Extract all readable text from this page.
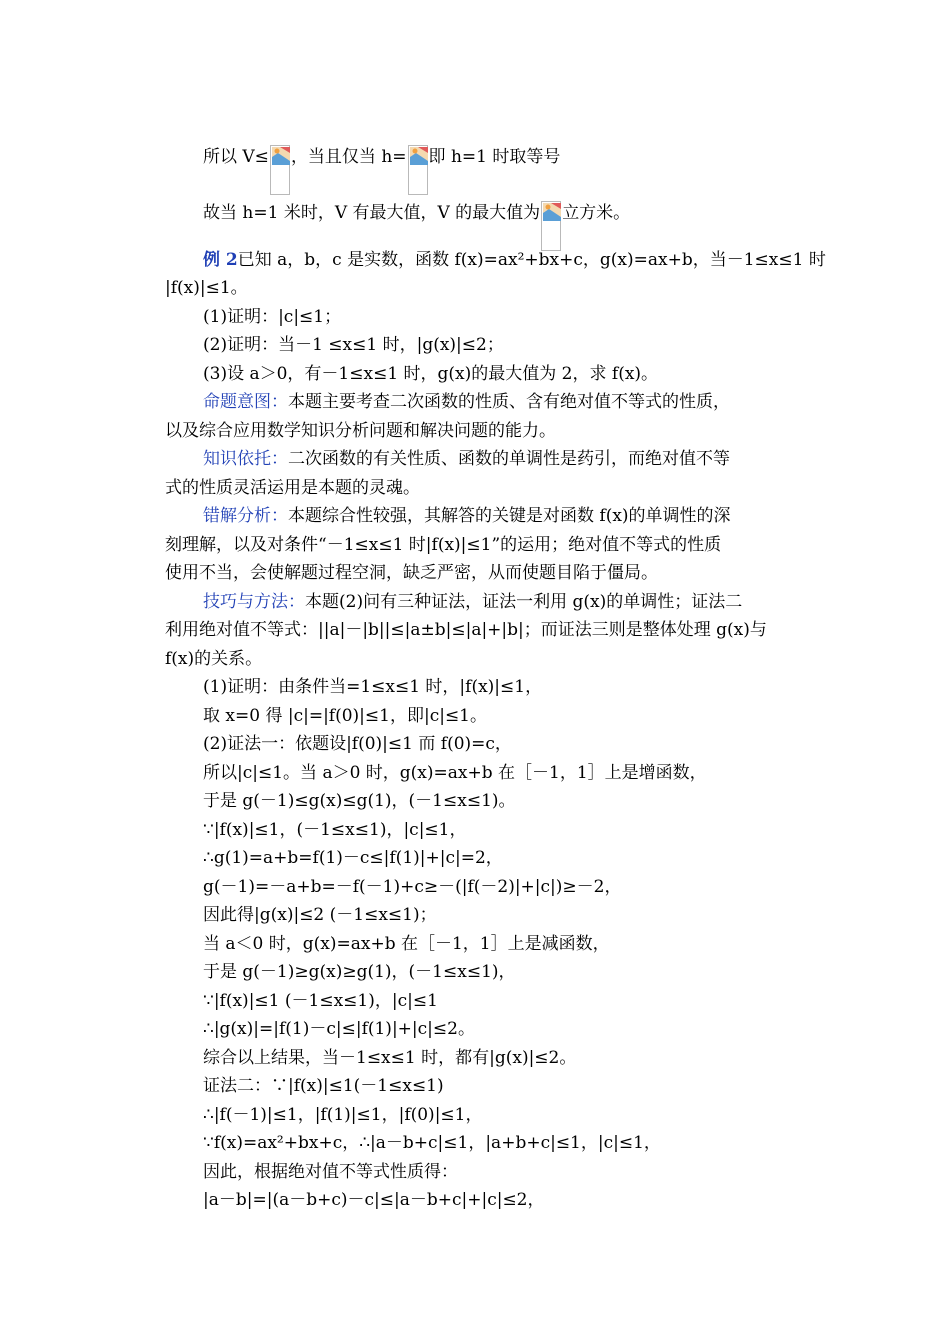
所以 V≤ ，当且仅当 h= 即 h=1 时取等号
故当 h=1 米时，V 有最大值，V 的最大值为 立方米。
例 2已知 a，b，c 是实数，函数 f(x)=ax²+bx+c，g(x)=ax+b，当－1≤x≤1 时
|f(x)|≤1。
(1)证明：|c|≤1；
(2)证明：当－1 ≤x≤1 时，|g(x)|≤2；
(3)设 a＞0，有－1≤x≤1 时，g(x)的最大值为 2，求 f(x)。
命题意图：本题主要考查二次函数的性质、含有绝对值不等式的性质，
以及综合应用数学知识分析问题和解决问题的能力。
知识依托：二次函数的有关性质、函数的单调性是药引，而绝对值不等
式的性质灵活运用是本题的灵魂。
错解分析：本题综合性较强，其解答的关键是对函数 f(x)的单调性的深
刻理解，以及对条件“－1≤x≤1 时|f(x)|≤1”的运用；绝对值不等式的性质
使用不当，会使解题过程空洞，缺乏严密，从而使题目陷于僵局。
技巧与方法：本题(2)问有三种证法，证法一利用 g(x)的单调性；证法二
利用绝对值不等式：||a|－|b||≤|a±b|≤|a|+|b|；而证法三则是整体处理 g(x)与
f(x)的关系。
(1)证明：由条件当=1≤x≤1 时，|f(x)|≤1，
取 x=0 得 |c|=|f(0)|≤1，即|c|≤1。
(2)证法一：依题设|f(0)|≤1 而 f(0)=c，
所以|c|≤1。当 a＞0 时，g(x)=ax+b 在［－1，1］上是增函数，
于是 g(－1)≤g(x)≤g(1)，(－1≤x≤1)。
∵|f(x)|≤1，(－1≤x≤1)，|c|≤1，
∴g(1)=a+b=f(1)－c≤|f(1)|+|c|=2，
g(－1)=－a+b=－f(－1)+c≥－(|f(－2)|+|c|)≥－2，
因此得|g(x)|≤2 (－1≤x≤1)；
当 a＜0 时，g(x)=ax+b 在［－1，1］上是减函数，
于是 g(－1)≥g(x)≥g(1)，(－1≤x≤1)，
∵|f(x)|≤1 (－1≤x≤1)，|c|≤1
∴|g(x)|=|f(1)－c|≤|f(1)|+|c|≤2。
综合以上结果，当－1≤x≤1 时，都有|g(x)|≤2。
证法二：∵|f(x)|≤1(－1≤x≤1)
∴|f(－1)|≤1，|f(1)|≤1，|f(0)|≤1，
∵f(x)=ax²+bx+c，∴|a－b+c|≤1，|a+b+c|≤1，|c|≤1，
因此，根据绝对值不等式性质得：
|a－b|=|(a－b+c)－c|≤|a－b+c|+|c|≤2，
